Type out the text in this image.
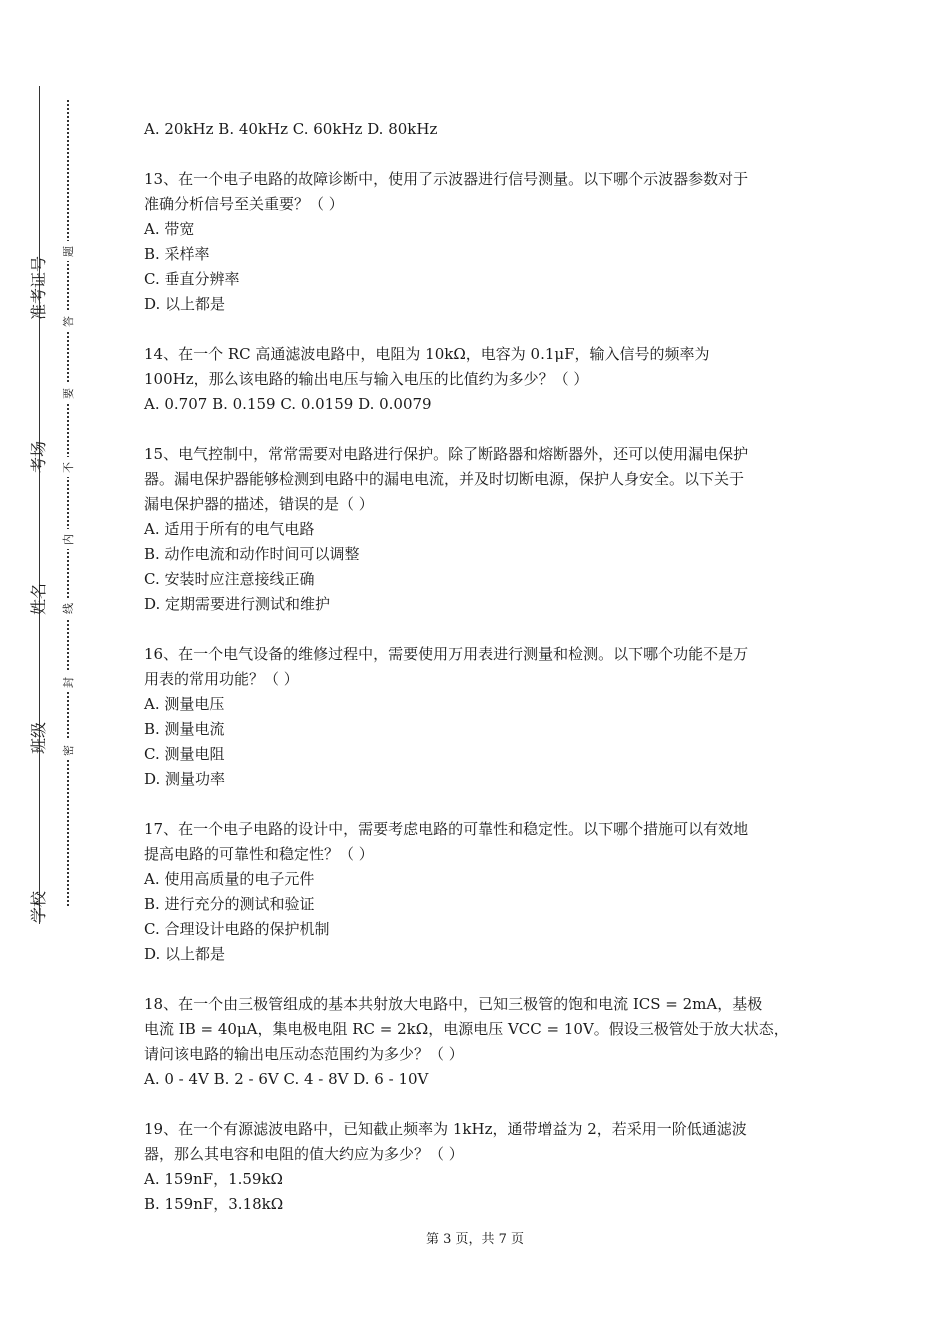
准考证号
考场
姓名
班级
学校
题
答
要
不
内
线
封
密

A. 20kHz B. 40kHz C. 60kHz D. 80kHz

13、在一个电子电路的故障诊断中，使用了示波器进行信号测量。以下哪个示波器参数对于

准确分析信号至关重要？（ ）

A. 带宽

B. 采样率

C. 垂直分辨率

D. 以上都是

14、在一个 RC 高通滤波电路中，电阻为 10kΩ，电容为 0.1μF，输入信号的频率为

100Hz，那么该电路的输出电压与输入电压的比值约为多少？（ ）

A. 0.707 B. 0.159 C. 0.0159 D. 0.0079

15、电气控制中，常常需要对电路进行保护。除了断路器和熔断器外，还可以使用漏电保护

器。漏电保护器能够检测到电路中的漏电电流，并及时切断电源，保护人身安全。以下关于

漏电保护器的描述，错误的是（ ）

A. 适用于所有的电气电路

B. 动作电流和动作时间可以调整

C. 安装时应注意接线正确

D. 定期需要进行测试和维护

16、在一个电气设备的维修过程中，需要使用万用表进行测量和检测。以下哪个功能不是万

用表的常用功能？（ ）

A. 测量电压

B. 测量电流

C. 测量电阻

D. 测量功率

17、在一个电子电路的设计中，需要考虑电路的可靠性和稳定性。以下哪个措施可以有效地

提高电路的可靠性和稳定性？（ ）

A. 使用高质量的电子元件

B. 进行充分的测试和验证

C. 合理设计电路的保护机制

D. 以上都是

18、在一个由三极管组成的基本共射放大电路中，已知三极管的饱和电流 ICS = 2mA，基极

电流 IB = 40μA，集电极电阻 RC = 2kΩ，电源电压 VCC = 10V。假设三极管处于放大状态，

请问该电路的输出电压动态范围约为多少？（ ）

A. 0 - 4V B. 2 - 6V C. 4 - 8V D. 6 - 10V

19、在一个有源滤波电路中，已知截止频率为 1kHz，通带增益为 2，若采用一阶低通滤波

器，那么其电容和电阻的值大约应为多少？（ ）

A. 159nF，1.59kΩ

B. 159nF，3.18kΩ

第 3 页，共 7 页
